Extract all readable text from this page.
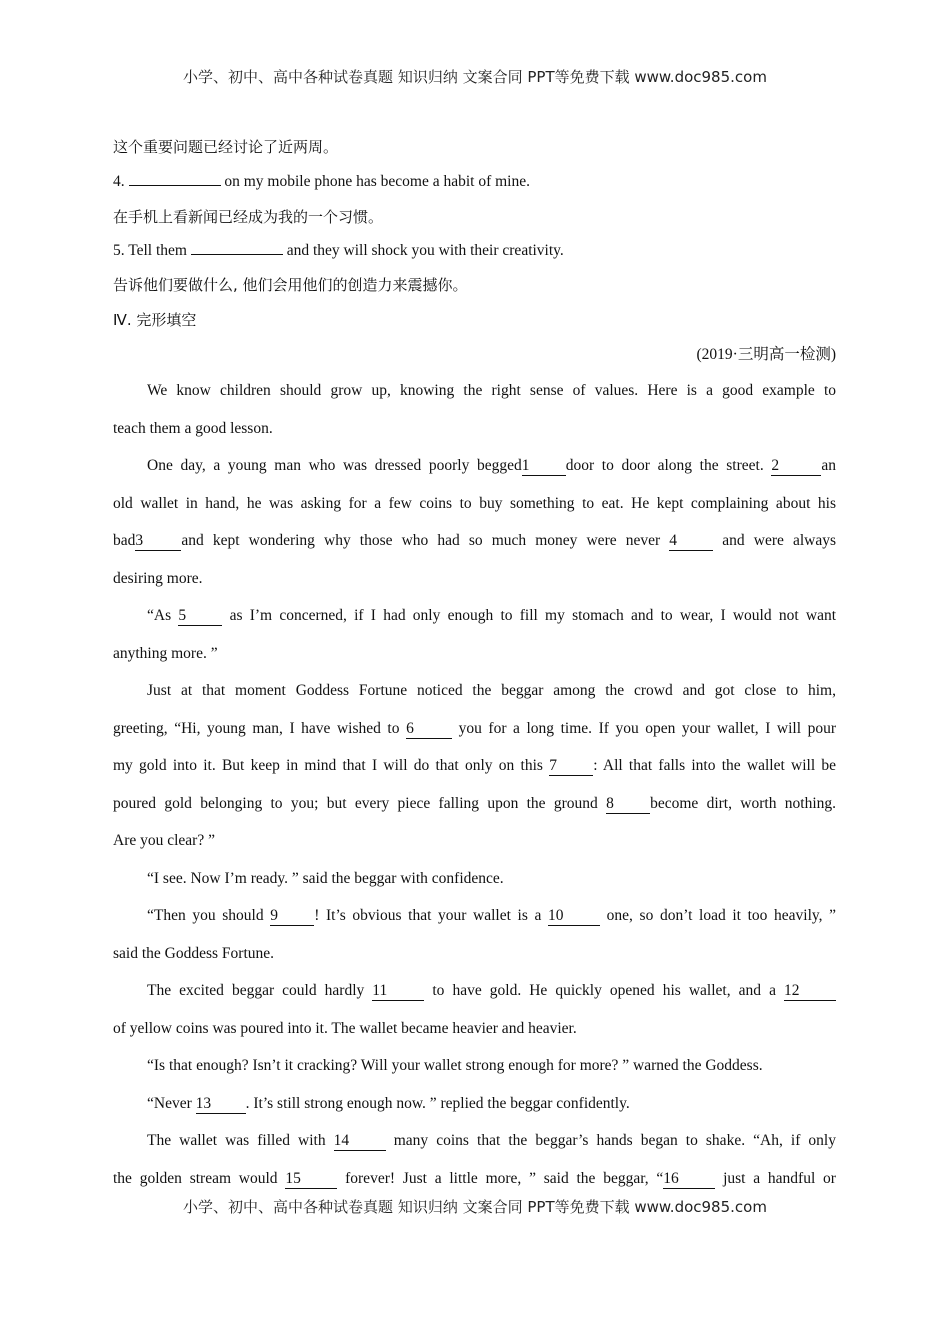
小学、初中、高中各种试卷真题 知识归纳 文案合同 PPT等免费下载 www.doc985.com
这个重要问题已经讨论了近两周。
4.	on my mobile phone has become a habit of mine.
在手机上看新闻已经成为我的一个习惯。
5. Tell them	and they will shock you with their creativity.
告诉他们要做什么, 他们会用他们的创造力来震撼你。
Ⅳ. 完形填空
(2019·三明高一检测)
We know children should grow up, knowing the right sense of values. Here is a good example to
teach them a good lesson.
One day, a young man who was dressed poorly begged1 door to door along the street. 2	an
old wallet in hand, he was asking for a few coins to buy something to eat. He kept complaining about his
bad3 and kept wondering why those who had so much money were never 4 and were always
desiring more.
“As 5 as I’m concerned, if I had only enough to fill my stomach and to wear, I would not want
anything more. ”
Just at that moment Goddess Fortune noticed the beggar among the crowd and got close to him,
greeting, “Hi, young man, I have wished to 6 you for a long time. If you open your wallet, I will pour
my gold into it. But keep in mind that I will do that only on this 7 : All that falls into the wallet will be
poured gold belonging to you; but every piece falling upon the ground 8 become dirt, worth nothing.
Are you clear? ”
“I see. Now I’m ready. ” said the beggar with confidence.
“Then you should 9 ! It’s obvious that your wallet is a 10 one, so don’t load it too heavily, ”
said the Goddess Fortune.
The excited beggar could hardly 11 to have gold. He quickly opened his wallet, and a 12
of yellow coins was poured into it. The wallet became heavier and heavier.
“Is that enough? Isn’t it cracking? Will your wallet strong enough for more? ” warned the Goddess.
“Never 13 . It’s still strong enough now. ” replied the beggar confidently.
The wallet was filled with 14 many coins that the beggar’s hands began to shake. “Ah, if only
the golden stream would 15 forever! Just a little more, ” said the beggar, “16 just a handful or
小学、初中、高中各种试卷真题 知识归纳 文案合同 PPT等免费下载 www.doc985.com
